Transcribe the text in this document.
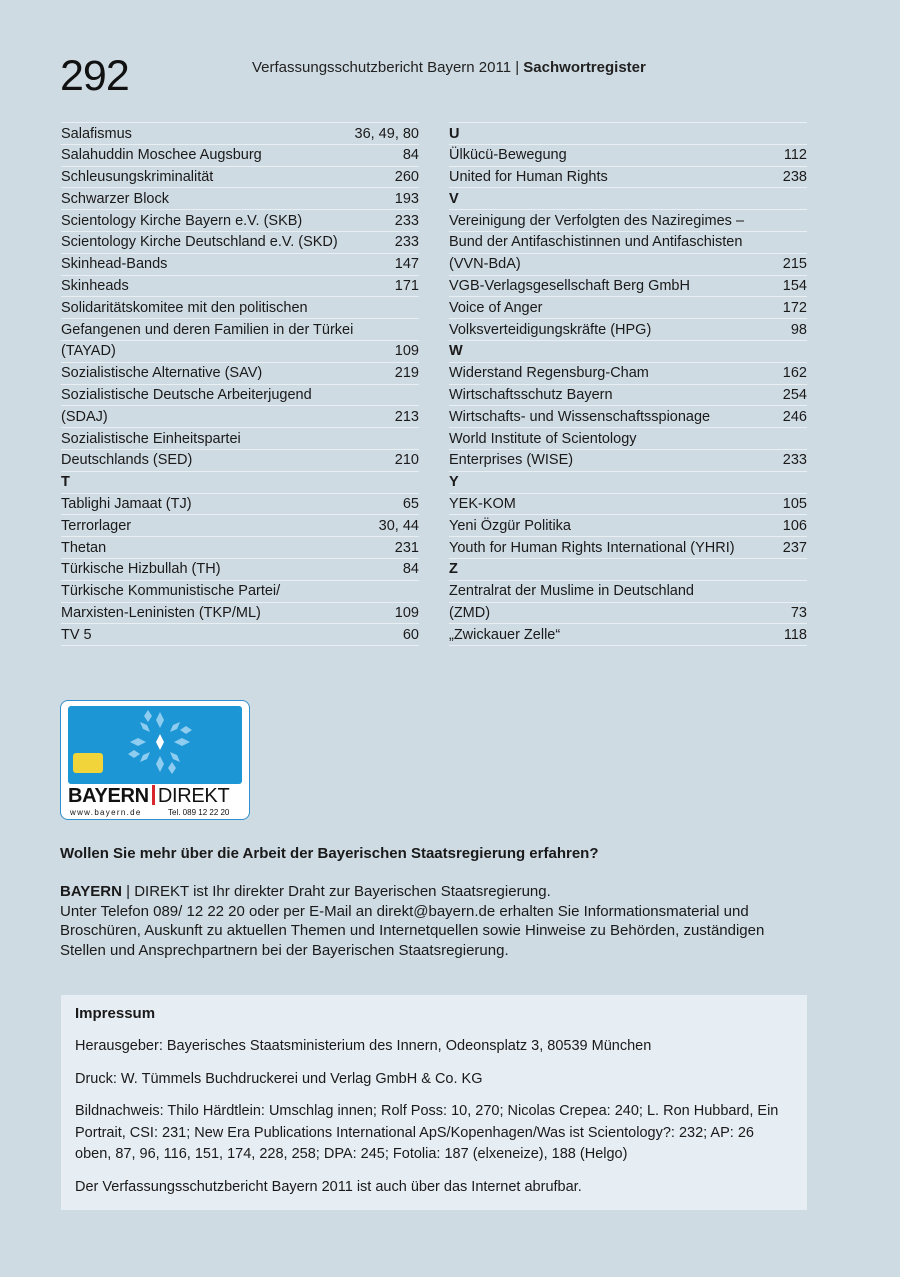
292	Verfassungsschutzbericht Bayern 2011 | Sachwortregister
Salafismus	36, 49, 80
Salahuddin Moschee Augsburg	84
Schleusungskriminalität	260
Schwarzer Block	193
Scientology Kirche Bayern e.V. (SKB)	233
Scientology Kirche Deutschland e.V. (SKD)	233
Skinhead-Bands	147
Skinheads	171
Solidaritätskomitee mit den politischen
Gefangenen und deren Familien in der Türkei
(TAYAD)	109
Sozialistische Alternative (SAV)	219
Sozialistische Deutsche Arbeiterjugend
(SDAJ)	213
Sozialistische Einheitspartei
Deutschlands (SED)	210
T
Tablighi Jamaat (TJ)	65
Terrorlager	30, 44
Thetan	231
Türkische Hizbullah (TH)	84
Türkische Kommunistische Partei/
Marxisten-Leninisten (TKP/ML)	109
TV 5	60
U
Ülkücü-Bewegung	112
United for Human Rights	238
V
Vereinigung der Verfolgten des Naziregimes –
Bund der Antifaschistinnen und Antifaschisten
(VVN-BdA)	215
VGB-Verlagsgesellschaft Berg GmbH	154
Voice of Anger	172
Volksverteidigungskräfte (HPG)	98
W
Widerstand Regensburg-Cham	162
Wirtschaftsschutz Bayern	254
Wirtschafts- und Wissenschaftsspionage	246
World Institute of Scientology
Enterprises (WISE)	233
Y
YEK-KOM	105
Yeni Özgür Politika	106
Youth for Human Rights International (YHRI)	237
Z
Zentralrat der Muslime in Deutschland
(ZMD)	73
„Zwickauer Zelle“	118
BAYERN DIREKT
www.bayern.de	Tel. 089 12 22 20
Wollen Sie mehr über die Arbeit der Bayerischen Staatsregierung erfahren?
BAYERN | DIREKT ist Ihr direkter Draht zur Bayerischen Staatsregierung.
Unter Telefon 089/ 12 22 20 oder per E-Mail an direkt@bayern.de erhalten Sie Informationsmaterial und Broschüren, Auskunft zu aktuellen Themen und Internetquellen sowie Hinweise zu Behörden, zuständigen Stellen und Ansprechpartnern bei der Bayerischen Staatsregierung.
Impressum

Herausgeber: Bayerisches Staatsministerium des Innern, Odeonsplatz 3, 80539 München

Druck: W. Tümmels Buchdruckerei und Verlag GmbH & Co. KG

Bildnachweis: Thilo Härdtlein: Umschlag innen; Rolf Poss: 10, 270; Nicolas Crepea: 240; L. Ron Hubbard, Ein Portrait, CSI: 231; New Era Publications International ApS/Kopenhagen/Was ist Scientology?: 232; AP: 26 oben, 87, 96, 116, 151, 174, 228, 258; DPA: 245; Fotolia: 187 (elxeneize), 188 (Helgo)

Der Verfassungsschutzbericht Bayern 2011 ist auch über das Internet abrufbar.
